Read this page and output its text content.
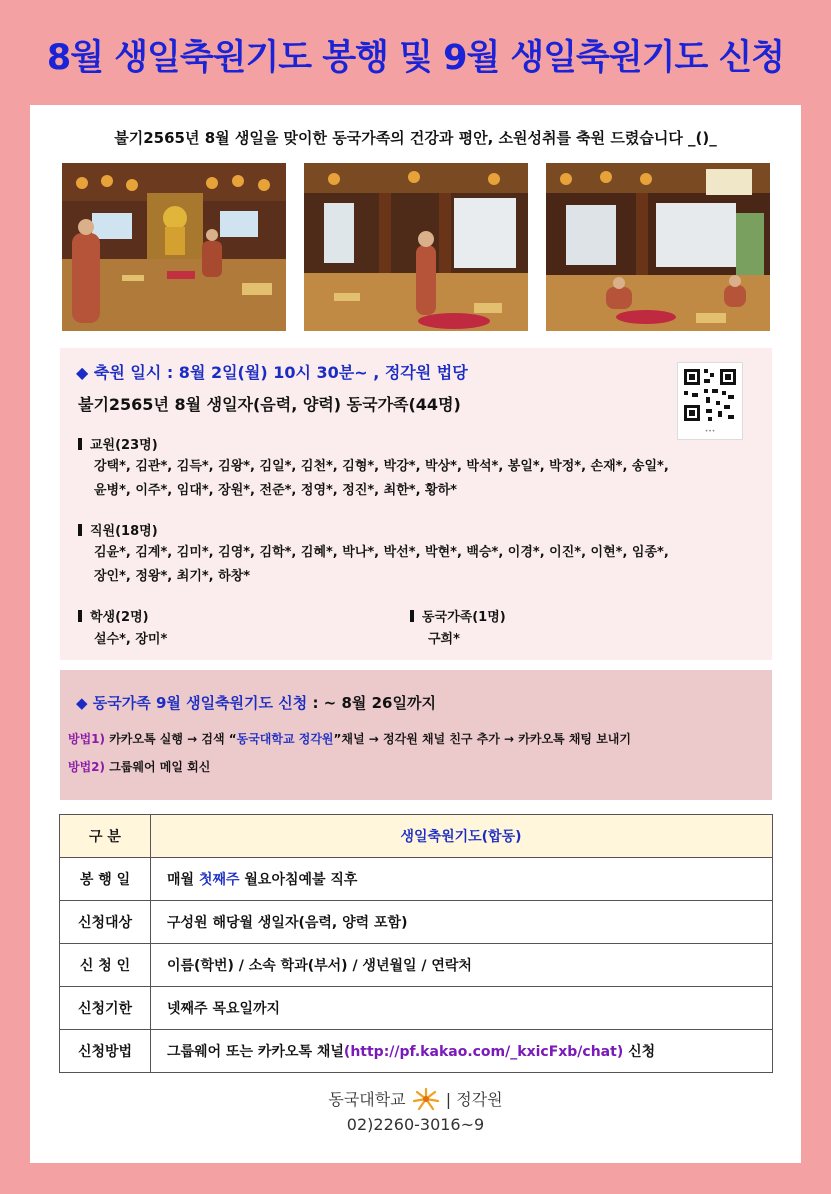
8월 생일축원기도 봉행 및 9월 생일축원기도 신청
불기2565년 8월 생일을 맞이한 동국가족의 건강과 평안, 소원성취를 축원 드렸습니다 _()_
◆ 축원 일시 : 8월 2일(월) 10시 30분~ , 정각원 법당
불기2565년 8월 생일자(음력, 양력) 동국가족(44명)
•••
교원(23명)
강택*, 김관*, 김득*, 김왕*, 김일*, 김천*, 김형*, 박강*, 박상*, 박석*, 봉일*, 박정*, 손재*, 송일*,
윤병*, 이주*, 임대*, 장원*, 전준*, 정영*, 정진*, 최한*, 황하*
직원(18명)
김윤*, 김계*, 김미*, 김영*, 김학*, 김혜*, 박나*, 박선*, 박현*, 백승*, 이경*, 이진*, 이현*, 임종*,
장인*, 정왕*, 최기*, 하창*
학생(2명)
설수*, 장미*
동국가족(1명)
구희*
◆ 동국가족 9월 생일축원기도 신청 : ~ 8월 26일까지
방법1) 카카오톡 실행 → 검색 “동국대학교 정각원”채널 → 정각원 채널 친구 추가 → 카카오톡 채팅 보내기
방법2) 그룹웨어 메일 회신
구 분	생일축원기도(합동)
봉 행 일	매월 첫째주 월요아침예불 직후
신청대상	구성원 해당월 생일자(음력, 양력 포함)
신 청 인	이름(학번) / 소속 학과(부서) / 생년월일 / 연락처
신청기한	넷째주 목요일까지
신청방법	그룹웨어 또는 카카오톡 채널(http://pf.kakao.com/_kxicFxb/chat) 신청
동국대학교	| 정각원
02)2260-3016~9
